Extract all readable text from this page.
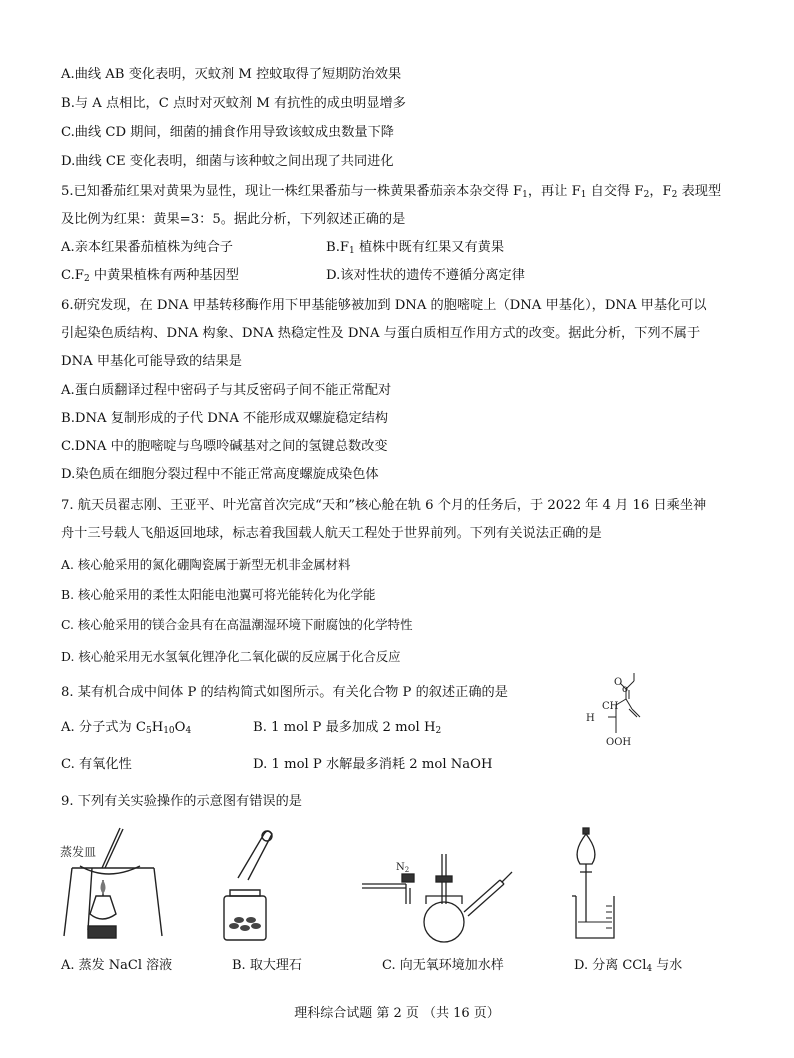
A.曲线 AB 变化表明，灭蚊剂 M 控蚊取得了短期防治效果
B.与 A 点相比，C 点时对灭蚊剂 M 有抗性的成虫明显增多
C.曲线 CD 期间，细菌的捕食作用导致该蚊成虫数量下降
D.曲线 CE 变化表明，细菌与该种蚊之间出现了共同进化
5.已知番茄红果对黄果为显性，现让一株红果番茄与一株黄果番茄亲本杂交得 $F_1$，再让 $F_1$ 自交得 $F_2$，$F_2$ 表现型
及比例为红果：黄果=3：5。据此分析，下列叙述正确的是
A.亲本红果番茄植株为纯合子	$B.F_1$ 植株中既有红果又有黄果
$C.F_2$ 中黄果植株有两种基因型	D.该对性状的遗传不遵循分离定律
6.研究发现，在 DNA 甲基转移酶作用下甲基能够被加到 DNA 的胞嘧啶上（DNA 甲基化），DNA 甲基化可以
引起染色质结构、DNA 构象、DNA 热稳定性及 DNA 与蛋白质相互作用方式的改变。据此分析，下列不属于
DNA 甲基化可能导致的结果是
A.蛋白质翻译过程中密码子与其反密码子间不能正常配对
B.DNA 复制形成的子代 DNA 不能形成双螺旋稳定结构
C.DNA 中的胞嘧啶与鸟嘌呤碱基对之间的氢键总数改变
D.染色质在细胞分裂过程中不能正常高度螺旋成染色体
7. 航天员翟志刚、王亚平、叶光富首次完成“天和”核心舱在轨 6 个月的任务后，于 2022 年 4 月 16 日乘坐神
舟十三号载人飞船返回地球，标志着我国载人航天工程处于世界前列。下列有关说法正确的是
A. 核心舱采用的氮化硼陶瓷属于新型无机非金属材料
B. 核心舱采用的柔性太阳能电池翼可将光能转化为化学能
C. 核心舱采用的镁合金具有在高温潮湿环境下耐腐蚀的化学特性
D. 核心舱采用无水氢氧化锂净化二氧化碳的反应属于化合反应
8. 某有机合成中间体 P 的结构简式如图所示。有关化合物 P 的叙述正确的是
A. 分子式为 $C_5H_{10}O_4$	B. 1 mol P 最多加成 2 mol $H_2$
C. 有氧化性	D. 1 mol P 水解最多消耗 2 mol NaOH
O
o
CH
H
OOH
9. 下列有关实验操作的示意图有错误的是
蒸发皿
A. 蒸发 NaCl 溶液	B. 取大理石
$N_2$
C. 向无氧环境加水样	D. 分离 CCl$_4$ 与水
理科综合试题 第 2 页 （共 16 页）
